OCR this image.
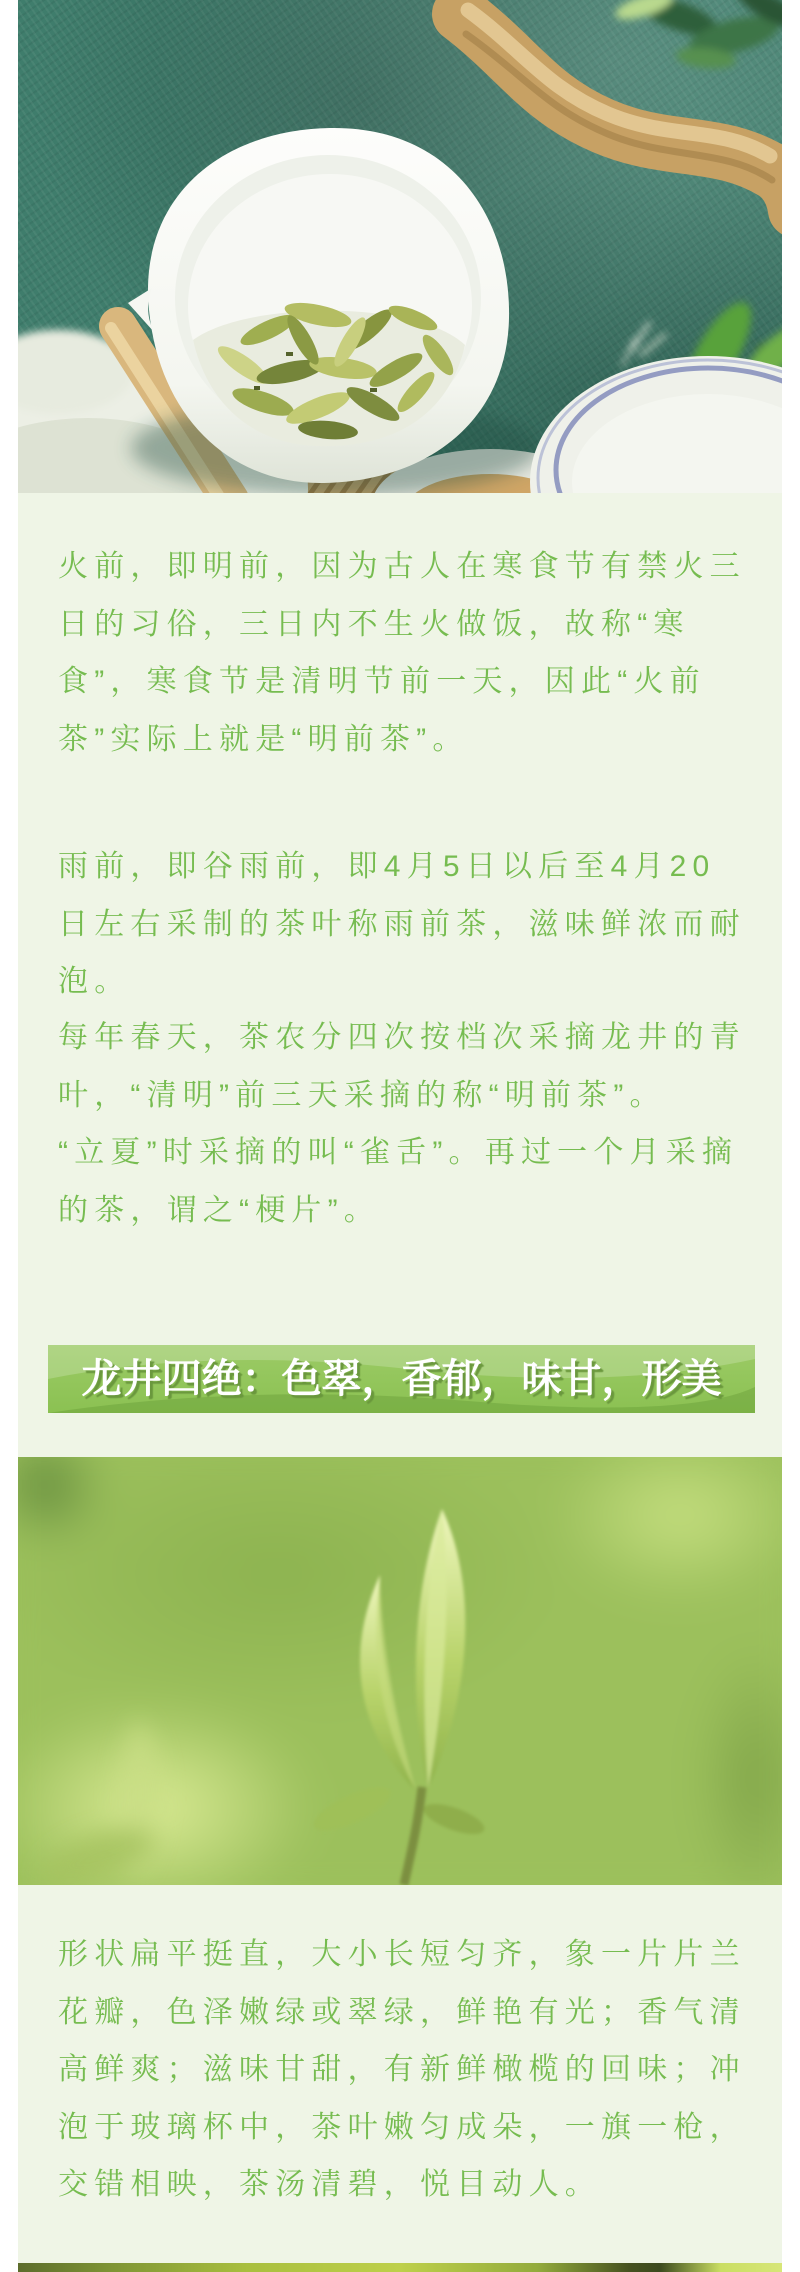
火前，即明前，因为古人在寒食节有禁火三日的习俗，三日内不生火做饭，故称“寒食”，寒食节是清明节前一天，因此“火前茶”实际上就是“明前茶”。
雨前，即谷雨前，即4月5日以后至4月20日左右采制的茶叶称雨前茶，滋味鲜浓而耐泡。
每年春天，茶农分四次按档次采摘龙井的青叶，“清明”前三天采摘的称“明前茶”。
“立夏”时采摘的叫“雀舌”。再过一个月采摘的茶，谓之“梗片”。
龙井四绝：色翠，香郁，味甘，形美
形状扁平挺直，大小长短匀齐，象一片片兰花瓣，色泽嫩绿或翠绿，鲜艳有光；香气清高鲜爽；滋味甘甜，有新鲜橄榄的回味；冲泡于玻璃杯中，茶叶嫩匀成朵，一旗一枪，交错相映，茶汤清碧，悦目动人。
